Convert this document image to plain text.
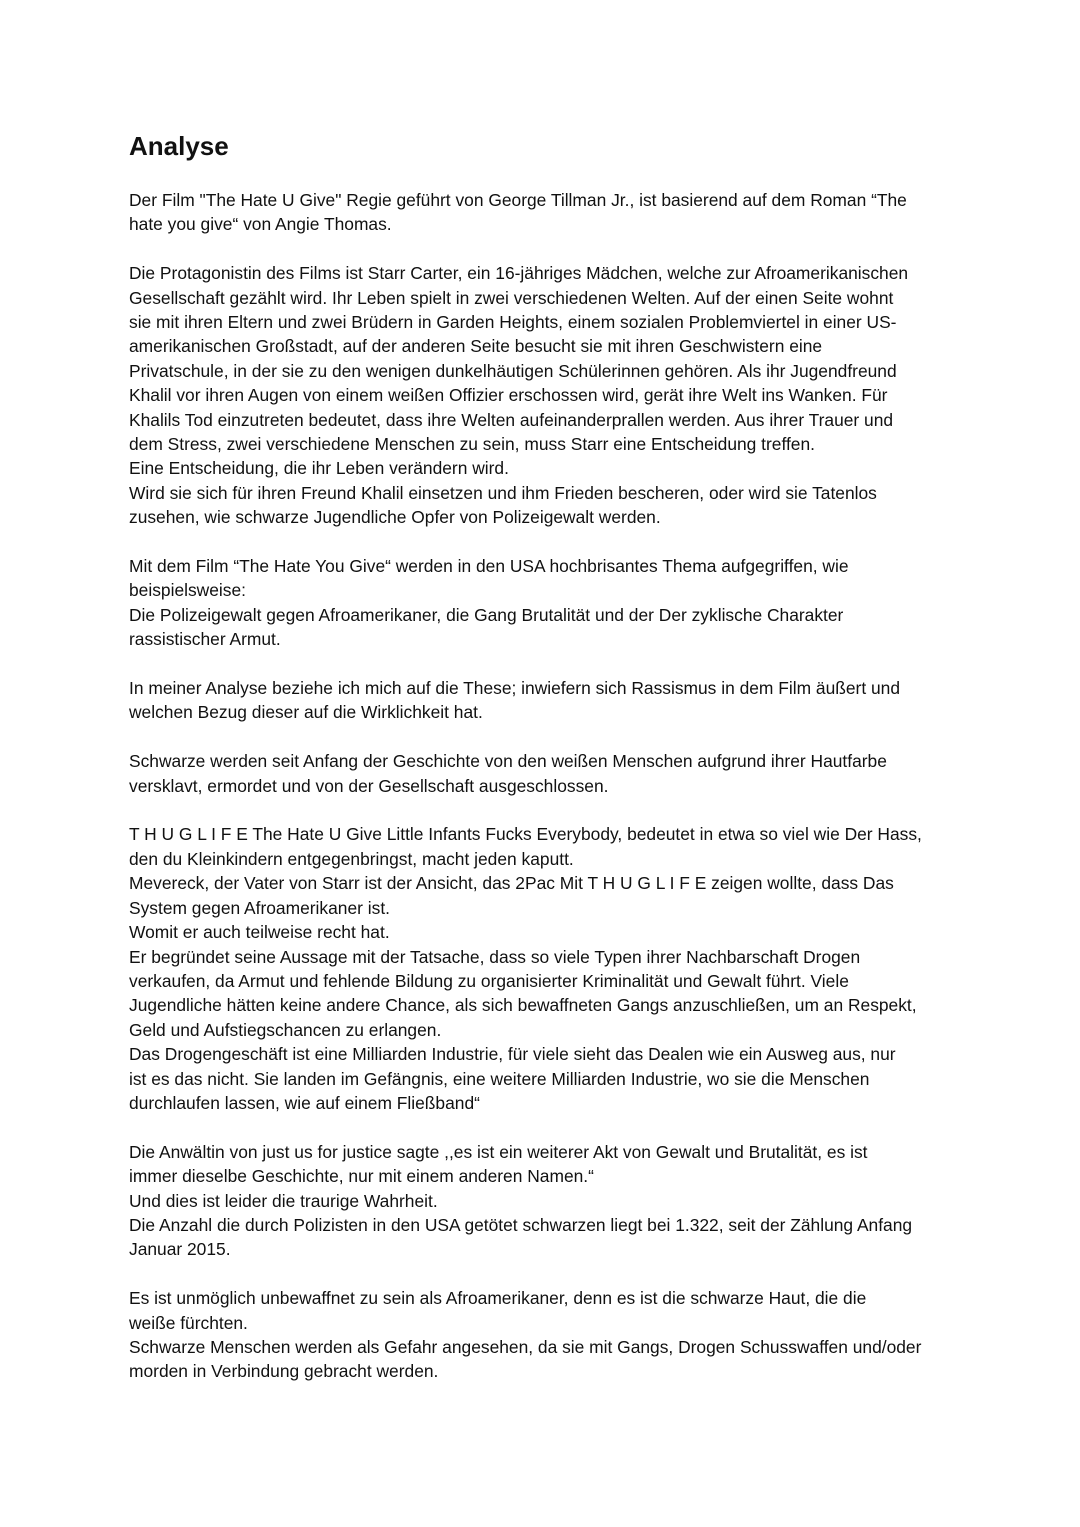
Analyse
Der Film "The Hate U Give" Regie geführt von George Tillman Jr., ist basierend auf dem Roman “The
hate you give“ von Angie Thomas.
Die Protagonistin des Films ist Starr Carter, ein 16-jähriges Mädchen, welche zur Afroamerikanischen
Gesellschaft gezählt wird. Ihr Leben spielt in zwei verschiedenen Welten. Auf der einen Seite wohnt
sie mit ihren Eltern und zwei Brüdern in Garden Heights, einem sozialen Problemviertel in einer US-
amerikanischen Großstadt, auf der anderen Seite besucht sie mit ihren Geschwistern eine
Privatschule, in der sie zu den wenigen dunkelhäutigen Schülerinnen gehören. Als ihr Jugendfreund
Khalil vor ihren Augen von einem weißen Offizier erschossen wird, gerät ihre Welt ins Wanken. Für
Khalils Tod einzutreten bedeutet, dass ihre Welten aufeinanderprallen werden. Aus ihrer Trauer und
dem Stress, zwei verschiedene Menschen zu sein, muss Starr eine Entscheidung treffen.
Eine Entscheidung, die ihr Leben verändern wird.
Wird sie sich für ihren Freund Khalil einsetzen und ihm Frieden bescheren, oder wird sie Tatenlos
zusehen, wie schwarze Jugendliche Opfer von Polizeigewalt werden.
Mit dem Film “The Hate You Give“ werden in den USA hochbrisantes Thema aufgegriffen, wie
beispielsweise:
Die Polizeigewalt gegen Afroamerikaner, die Gang Brutalität und der Der zyklische Charakter
rassistischer Armut.
In meiner Analyse beziehe ich mich auf die These; inwiefern sich Rassismus in dem Film äußert und
welchen Bezug dieser auf die Wirklichkeit hat.
Schwarze werden seit Anfang der Geschichte von den weißen Menschen aufgrund ihrer Hautfarbe
versklavt, ermordet und von der Gesellschaft ausgeschlossen.
T H U G L I F E The Hate U Give Little Infants Fucks Everybody, bedeutet in etwa so viel wie Der Hass,
den du Kleinkindern entgegenbringst, macht jeden kaputt.
Mevereck, der Vater von Starr ist der Ansicht, das 2Pac Mit T H U G L I F E zeigen wollte, dass Das
System gegen Afroamerikaner ist.
Womit er auch teilweise recht hat.
Er begründet seine Aussage mit der Tatsache, dass so viele Typen ihrer Nachbarschaft Drogen
verkaufen, da Armut und fehlende Bildung zu organisierter Kriminalität und Gewalt führt. Viele
Jugendliche hätten keine andere Chance, als sich bewaffneten Gangs anzuschließen, um an Respekt,
Geld und Aufstiegschancen zu erlangen.
Das Drogengeschäft ist eine Milliarden Industrie, für viele sieht das Dealen wie ein Ausweg aus, nur
ist es das nicht. Sie landen im Gefängnis, eine weitere Milliarden Industrie, wo sie die Menschen
durchlaufen lassen, wie auf einem Fließband“
Die Anwältin von just us for justice sagte ,,es ist ein weiterer Akt von Gewalt und Brutalität, es ist
immer dieselbe Geschichte, nur mit einem anderen Namen.“
Und dies ist leider die traurige Wahrheit.
Die Anzahl die durch Polizisten in den USA getötet schwarzen liegt bei 1.322, seit der Zählung Anfang
Januar 2015.
Es ist unmöglich unbewaffnet zu sein als Afroamerikaner, denn es ist die schwarze Haut, die die
weiße fürchten.
Schwarze Menschen werden als Gefahr angesehen, da sie mit Gangs, Drogen Schusswaffen und/oder
morden in Verbindung gebracht werden.
